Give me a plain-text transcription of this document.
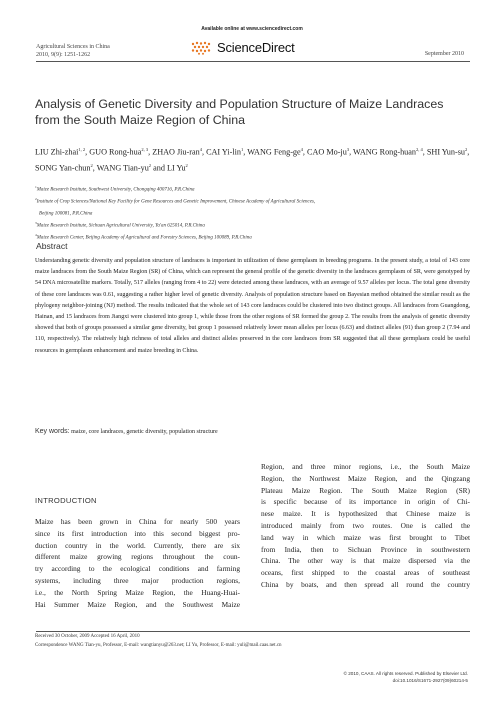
Available online at www.sciencedirect.com
Agricultural Sciences in China
2010, 9(9): 1251-1262	ScienceDirect	September 2010
Analysis of Genetic Diversity and Population Structure of Maize Landraces
from the South Maize Region of China
LIU Zhi-zhai$^{1, 2}$, GUO Rong-hua$^{2, 3}$, ZHAO Jiu-ran$^4$, CAI Yi-lin$^1$, WANG Feng-$ge^4$, CAO $Mo-ju^3$, WANG Rong-huan$^{2, 4}$, SHI Yun-$su^2$, SONG Yan-chun$^2$, WANG Tian-$yu^2$ and LI Yu$^2$
$^1$Maize Research Institute, Southwest University, Chongqing 400716, P.R.China
$^2$Institute of Crop Sciences/National Key Facility for Gene Resources and Genetic Improvement, Chinese Academy of Agricultural Sciences,
Beijing 100081, P.R.China
$^3$Maize Research Institute, Sichuan Agricultural University, Ya'an 625014, P.R.China
$^4$Maize Research Center, Beijing Academy of Agricultural and Forestry Sciences, Beijing 100089, P.R.China
Abstract
Understanding genetic diversity and population structure of landraces is important in utilization of these germplasm in breeding programs. In the present study, a total of 143 core maize landraces from the South Maize Region (SR) of China, which can represent the general profile of the genetic diversity in the landraces germplasm of SR, were genotyped by 54 DNA microsatellite markers. Totally, 517 alleles (ranging from 4 to 22) were detected among these landraces, with an average of 9.57 alleles per locus. The total gene diversity of these core landraces was 0.61, suggesting a rather higher level of genetic diversity. Analysis of population structure based on Bayesian method obtained the similar result as the phylogeny neighbor-joining (NJ) method. The results indicated that the whole set of 143 core landraces could be clustered into two distinct groups. All landraces from Guangdong, Hainan, and 15 landraces from Jiangxi were clustered into group 1, while those from the other regions of SR formed the group 2. The results from the analysis of genetic diversity showed that both of groups possessed a similar gene diversity, but group 1 possessed relatively lower mean alleles per locus (6.63) and distinct alleles (91) than group 2 (7.94 and 110, respectively). The relatively high richness of total alleles and distinct alleles preserved in the core landraces from SR suggested that all these germplasm could be useful resources in germplasm enhancement and maize breeding in China.
Key words: maize, core landraces, genetic diversity, population structure
INTRODUCTION
Maize has been grown in China for nearly 500 years
since its first introduction into this second biggest pro-
duction country in the world. Currently, there are six
different maize growing regions throughout the coun-
try according to the ecological conditions and farming
systems, including three major production regions,
i.e., the North Spring Maize Region, the Huang-Huai-
Hai Summer Maize Region, and the Southwest Maize
Region, and three minor regions, i.e., the South Maize
Region, the Northwest Maize Region, and the Qingzang
Plateau Maize Region. The South Maize Region (SR)
is specific because of its importance in origin of Chi-
nese maize. It is hypothesized that Chinese maize is
introduced mainly from two routes. One is called the
land way in which maize was first brought to Tibet
from India, then to Sichuan Province in southwestern
China. The other way is that maize dispersed via the
oceans, first shipped to the coastal areas of southeast
China by boats, and then spread all round the country
Received 30 October, 2009 Accepted 16 April, 2010
Correspondence WANG Tian-yu, Professor, E-mail: wangtianyu@263.net; LI Yu, Professor, E-mail: yuli@mail.caas.net.cn
© 2010, CAAS. All rights reserved. Published by Elsevier Ltd.
doi:10.1016/S1671-2927(09)60214-5
